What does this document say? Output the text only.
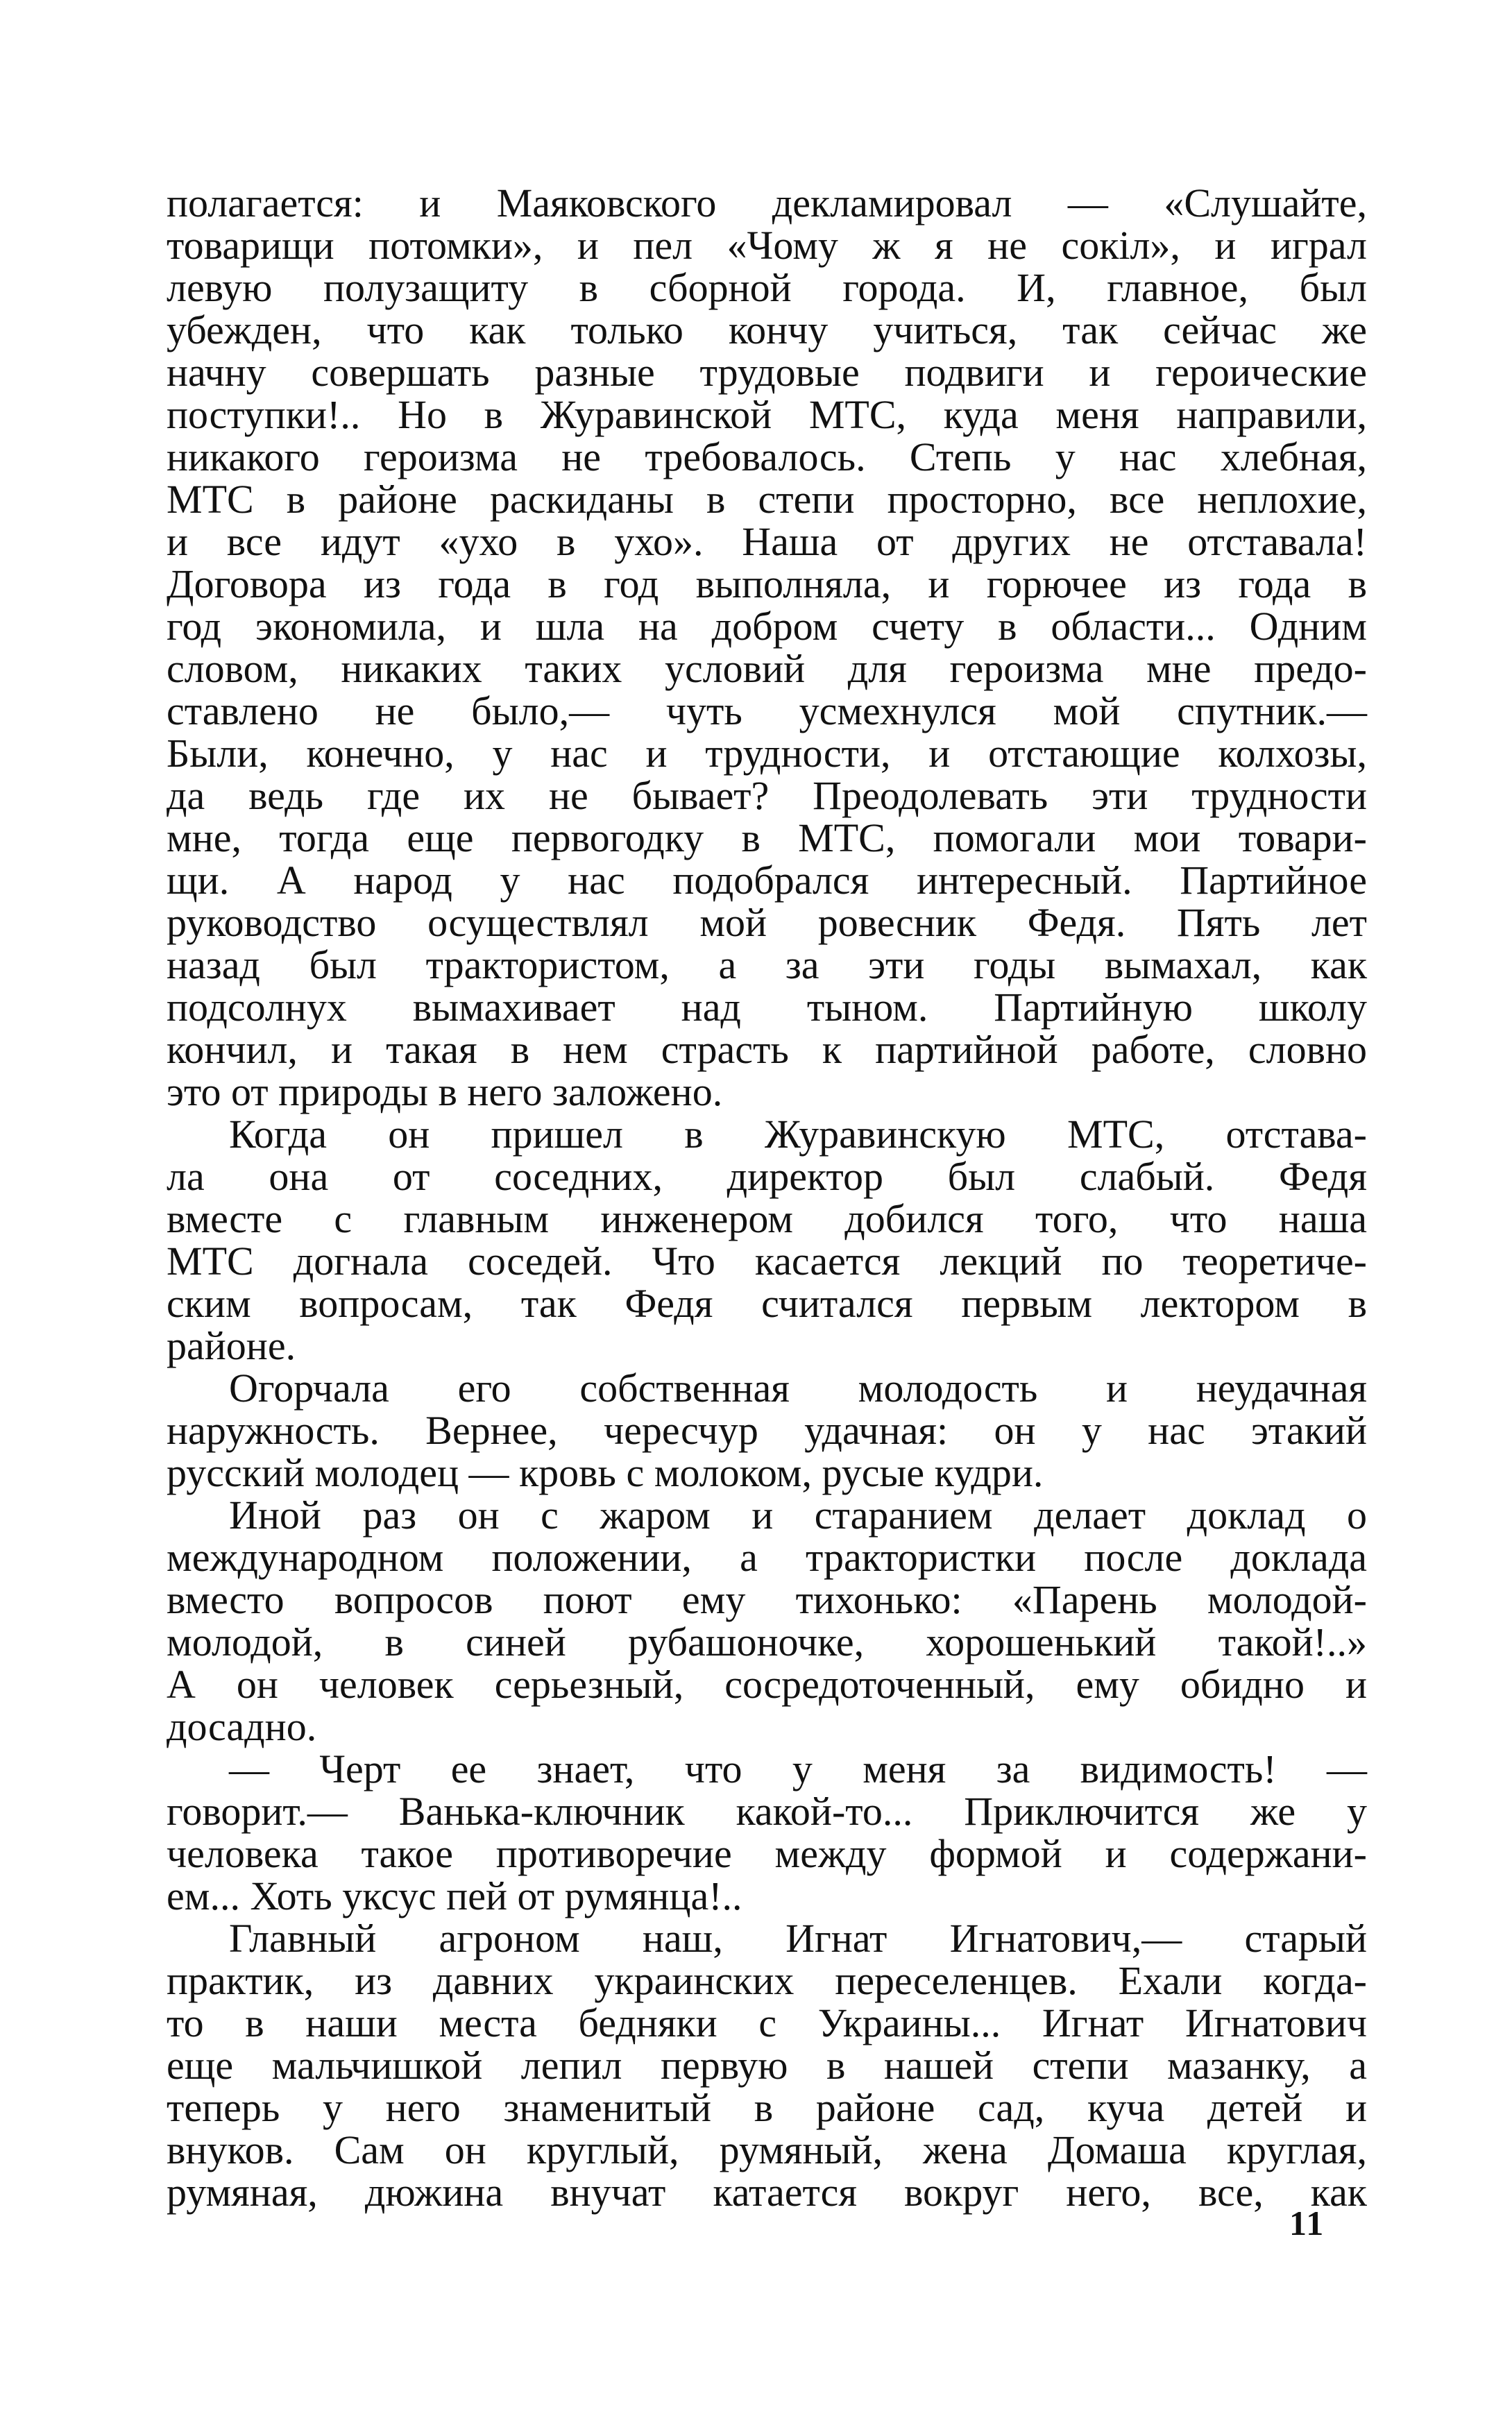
полагается: и Маяковского декламировал — «Слушайте,
товарищи потомки», и пел «Чому ж я не сокіл», и играл
левую полузащиту в сборной города. И, главное, был
убежден, что как только кончу учиться, так сейчас же
начну совершать разные трудовые подвиги и героические
поступки!.. Но в Журавинской МТС, куда меня направили,
никакого героизма не требовалось. Степь у нас хлебная,
МТС в районе раскиданы в степи просторно, все неплохие,
и все идут «ухо в ухо». Наша от других не отставала!
Договора из года в год выполняла, и горючее из года в
год экономила, и шла на добром счету в области... Одним
словом, никаких таких условий для героизма мне предо-
ставлено не было,— чуть усмехнулся мой спутник.—
Были, конечно, у нас и трудности, и отстающие колхозы,
да ведь где их не бывает? Преодолевать эти трудности
мне, тогда еще первогодку в МТС, помогали мои товари-
щи. А народ у нас подобрался интересный. Партийное
руководство осуществлял мой ровесник Федя. Пять лет
назад был трактористом, а за эти годы вымахал, как
подсолнух вымахивает над тыном. Партийную школу
кончил, и такая в нем страсть к партийной работе, словно
это от природы в него заложено.
Когда он пришел в Журавинскую МТС, отстава-
ла она от соседних, директор был слабый. Федя
вместе с главным инженером добился того, что наша
МТС догнала соседей. Что касается лекций по теоретиче-
ским вопросам, так Федя считался первым лектором в
районе.
Огорчала его собственная молодость и неудачная
наружность. Вернее, чересчур удачная: он у нас этакий
русский молодец — кровь с молоком, русые кудри.
Иной раз он с жаром и старанием делает доклад о
международном положении, а трактористки после доклада
вместо вопросов поют ему тихонько: «Парень молодой-
молодой, в синей рубашоночке, хорошенький такой!..»
А он человек серьезный, сосредоточенный, ему обидно и
досадно.
— Черт ее знает, что у меня за видимость! —
говорит.— Ванька-ключник какой-то... Приключится же у
человека такое противоречие между формой и содержани-
ем... Хоть уксус пей от румянца!..
Главный агроном наш, Игнат Игнатович,— старый
практик, из давних украинских переселенцев. Ехали когда-
то в наши места бедняки с Украины... Игнат Игнатович
еще мальчишкой лепил первую в нашей степи мазанку, а
теперь у него знаменитый в районе сад, куча детей и
внуков. Сам он круглый, румяный, жена Домаша круглая,
румяная, дюжина внучат катается вокруг него, все, как
11
